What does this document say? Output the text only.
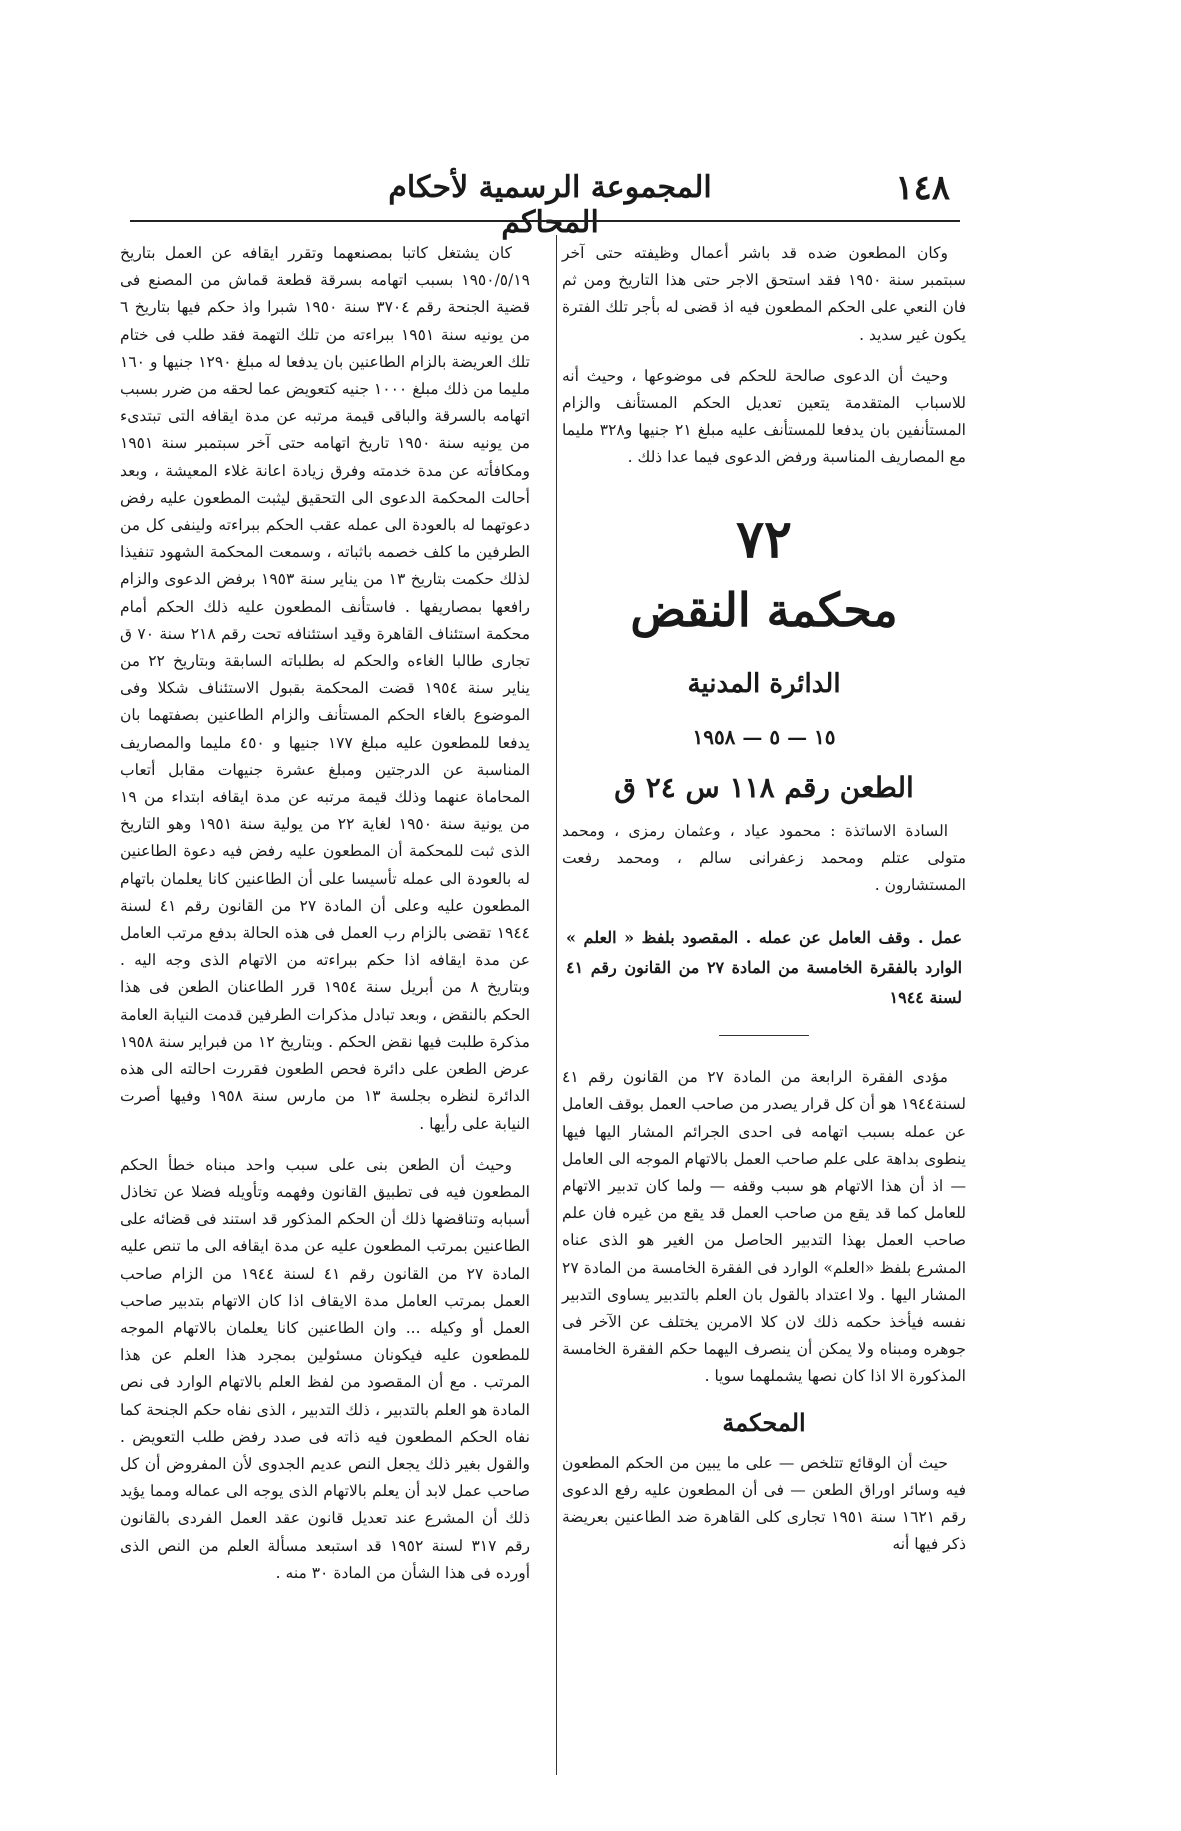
المجموعة الرسمية لأحكام المحاكم
١٤٨

وكان المطعون ضده قد باشر أعمال وظيفته حتى آخر سبتمبر سنة ١٩٥٠ فقد استحق الاجر حتى هذا التاريخ ومن ثم فان النعي على الحكم المطعون فيه اذ قضى له بأجر تلك الفترة يكون غير سديد .

وحيث أن الدعوى صالحة للحكم فى موضوعها ، وحيث أنه للاسباب المتقدمة يتعين تعديل الحكم المستأنف والزام المستأنفين بان يدفعا للمستأنف عليه مبلغ ٢١ جنيها و٣٢٨ مليما مع المصاريف المناسبة ورفض الدعوى فيما عدا ذلك .

٧٢
محكمة النقض
الدائرة المدنية
١٥ — ٥ — ١٩٥٨
الطعن رقم ١١٨ س ٢٤ ق

السادة الاساتذة : محمود عياد ، وعثمان رمزى ، ومحمد متولى عتلم ومحمد زعفرانى سالم ، ومحمد رفعت المستشارون .

عمل . وقف العامل عن عمله . المقصود بلفظ « العلم » الوارد بالفقرة الخامسة من المادة ٢٧ من القانون رقم ٤١ لسنة ١٩٤٤

مؤدى الفقرة الرابعة من المادة ٢٧ من القانون رقم ٤١ لسنة١٩٤٤ هو أن كل قرار يصدر من صاحب العمل بوقف العامل عن عمله بسبب اتهامه فى احدى الجرائم المشار اليها فيها ينطوى بداهة على علم صاحب العمل بالاتهام الموجه الى العامل — اذ أن هذا الاتهام هو سبب وقفه — ولما كان تدبير الاتهام للعامل كما قد يقع من صاحب العمل قد يقع من غيره فان علم صاحب العمل بهذا التدبير الحاصل من الغير هو الذى عناه المشرع بلفظ «العلم» الوارد فى الفقرة الخامسة من المادة ٢٧ المشار اليها . ولا اعتداد بالقول بان العلم بالتدبير يساوى التدبير نفسه فيأخذ حكمه ذلك لان كلا الامرين يختلف عن الآخر فى جوهره ومبناه ولا يمكن أن ينصرف اليهما حكم الفقرة الخامسة المذكورة الا اذا كان نصها يشملهما سويا .

المحكمة

حيث أن الوقائع تتلخص — على ما يبين من الحكم المطعون فيه وسائر اوراق الطعن — فى أن المطعون عليه رفع الدعوى رقم ١٦٢١ سنة ١٩٥١ تجارى كلى القاهرة ضد الطاعنين بعريضة ذكر فيها أنه

كان يشتغل كاتبا بمصنعهما وتقرر ايقافه عن العمل بتاريخ ١٩٥٠/٥/١٩ بسبب اتهامه بسرقة قطعة قماش من المصنع فى قضية الجنحة رقم ٣٧٠٤ سنة ١٩٥٠ شبرا واذ حكم فيها بتاريخ ٦ من يونيه سنة ١٩٥١ ببراءته من تلك التهمة فقد طلب فى ختام تلك العريضة بالزام الطاعنين بان يدفعا له مبلغ ١٢٩٠ جنيها و ١٦٠ مليما من ذلك مبلغ ١٠٠٠ جنيه كتعويض عما لحقه من ضرر بسبب اتهامه بالسرقة والباقى قيمة مرتبه عن مدة ايقافه التى تبتدىء من يونيه سنة ١٩٥٠ تاريخ اتهامه حتى آخر سبتمبر سنة ١٩٥١ ومكافأته عن مدة خدمته وفرق زيادة اعانة غلاء المعيشة ، وبعد أحالت المحكمة الدعوى الى التحقيق ليثبت المطعون عليه رفض دعوتهما له بالعودة الى عمله عقب الحكم ببراءته ولينفى كل من الطرفين ما كلف خصمه باثباته ، وسمعت المحكمة الشهود تنفيذا لذلك حكمت بتاريخ ١٣ من يناير سنة ١٩٥٣ برفض الدعوى والزام رافعها بمصاريفها . فاستأنف المطعون عليه ذلك الحكم أمام محكمة استئناف القاهرة وقيد استئنافه تحت رقم ٢١٨ سنة ٧٠ ق تجارى طالبا الغاءه والحكم له بطلباته السابقة وبتاريخ ٢٢ من يناير سنة ١٩٥٤ قضت المحكمة بقبول الاستئناف شكلا وفى الموضوع بالغاء الحكم المستأنف والزام الطاعنين بصفتهما بان يدفعا للمطعون عليه مبلغ ١٧٧ جنيها و ٤٥٠ مليما والمصاريف المناسبة عن الدرجتين ومبلغ عشرة جنيهات مقابل أتعاب المحاماة عنهما وذلك قيمة مرتبه عن مدة ايقافه ابتداء من ١٩ من يونية سنة ١٩٥٠ لغاية ٢٢ من يولية سنة ١٩٥١ وهو التاريخ الذى ثبت للمحكمة أن المطعون عليه رفض فيه دعوة الطاعنين له بالعودة الى عمله تأسيسا على أن الطاعنين كانا يعلمان باتهام المطعون عليه وعلى أن المادة ٢٧ من القانون رقم ٤١ لسنة ١٩٤٤ تقضى بالزام رب العمل فى هذه الحالة بدفع مرتب العامل عن مدة ايقافه اذا حكم ببراءته من الاتهام الذى وجه اليه . وبتاريخ ٨ من أبريل سنة ١٩٥٤ قرر الطاعنان الطعن فى هذا الحكم بالنقض ، وبعد تبادل مذكرات الطرفين قدمت النيابة العامة مذكرة طلبت فيها نقض الحكم . وبتاريخ ١٢ من فبراير سنة ١٩٥٨ عرض الطعن على دائرة فحص الطعون فقررت احالته الى هذه الدائرة لنظره بجلسة ١٣ من مارس سنة ١٩٥٨ وفيها أصرت النيابة على رأيها .

وحيث أن الطعن بنى على سبب واحد مبناه خطأ الحكم المطعون فيه فى تطبيق القانون وفهمه وتأويله فضلا عن تخاذل أسبابه وتناقضها ذلك أن الحكم المذكور قد استند فى قضائه على الطاعنين بمرتب المطعون عليه عن مدة ايقافه الى ما تنص عليه المادة ٢٧ من القانون رقم ٤١ لسنة ١٩٤٤ من الزام صاحب العمل بمرتب العامل مدة الايقاف اذا كان الاتهام بتدبير صاحب العمل أو وكيله ... وان الطاعنين كانا يعلمان بالاتهام الموجه للمطعون عليه فيكونان مسئولين بمجرد هذا العلم عن هذا المرتب . مع أن المقصود من لفظ العلم بالاتهام الوارد فى نص المادة هو العلم بالتدبير ، ذلك التدبير ، الذى نفاه حكم الجنحة كما نفاه الحكم المطعون فيه ذاته فى صدد رفض طلب التعويض . والقول بغير ذلك يجعل النص عديم الجدوى لأن المفروض أن كل صاحب عمل لابد أن يعلم بالاتهام الذى يوجه الى عماله ومما يؤيد ذلك أن المشرع عند تعديل قانون عقد العمل الفردى بالقانون رقم ٣١٧ لسنة ١٩٥٢ قد استبعد مسألة العلم من النص الذى أورده فى هذا الشأن من المادة ٣٠ منه .
